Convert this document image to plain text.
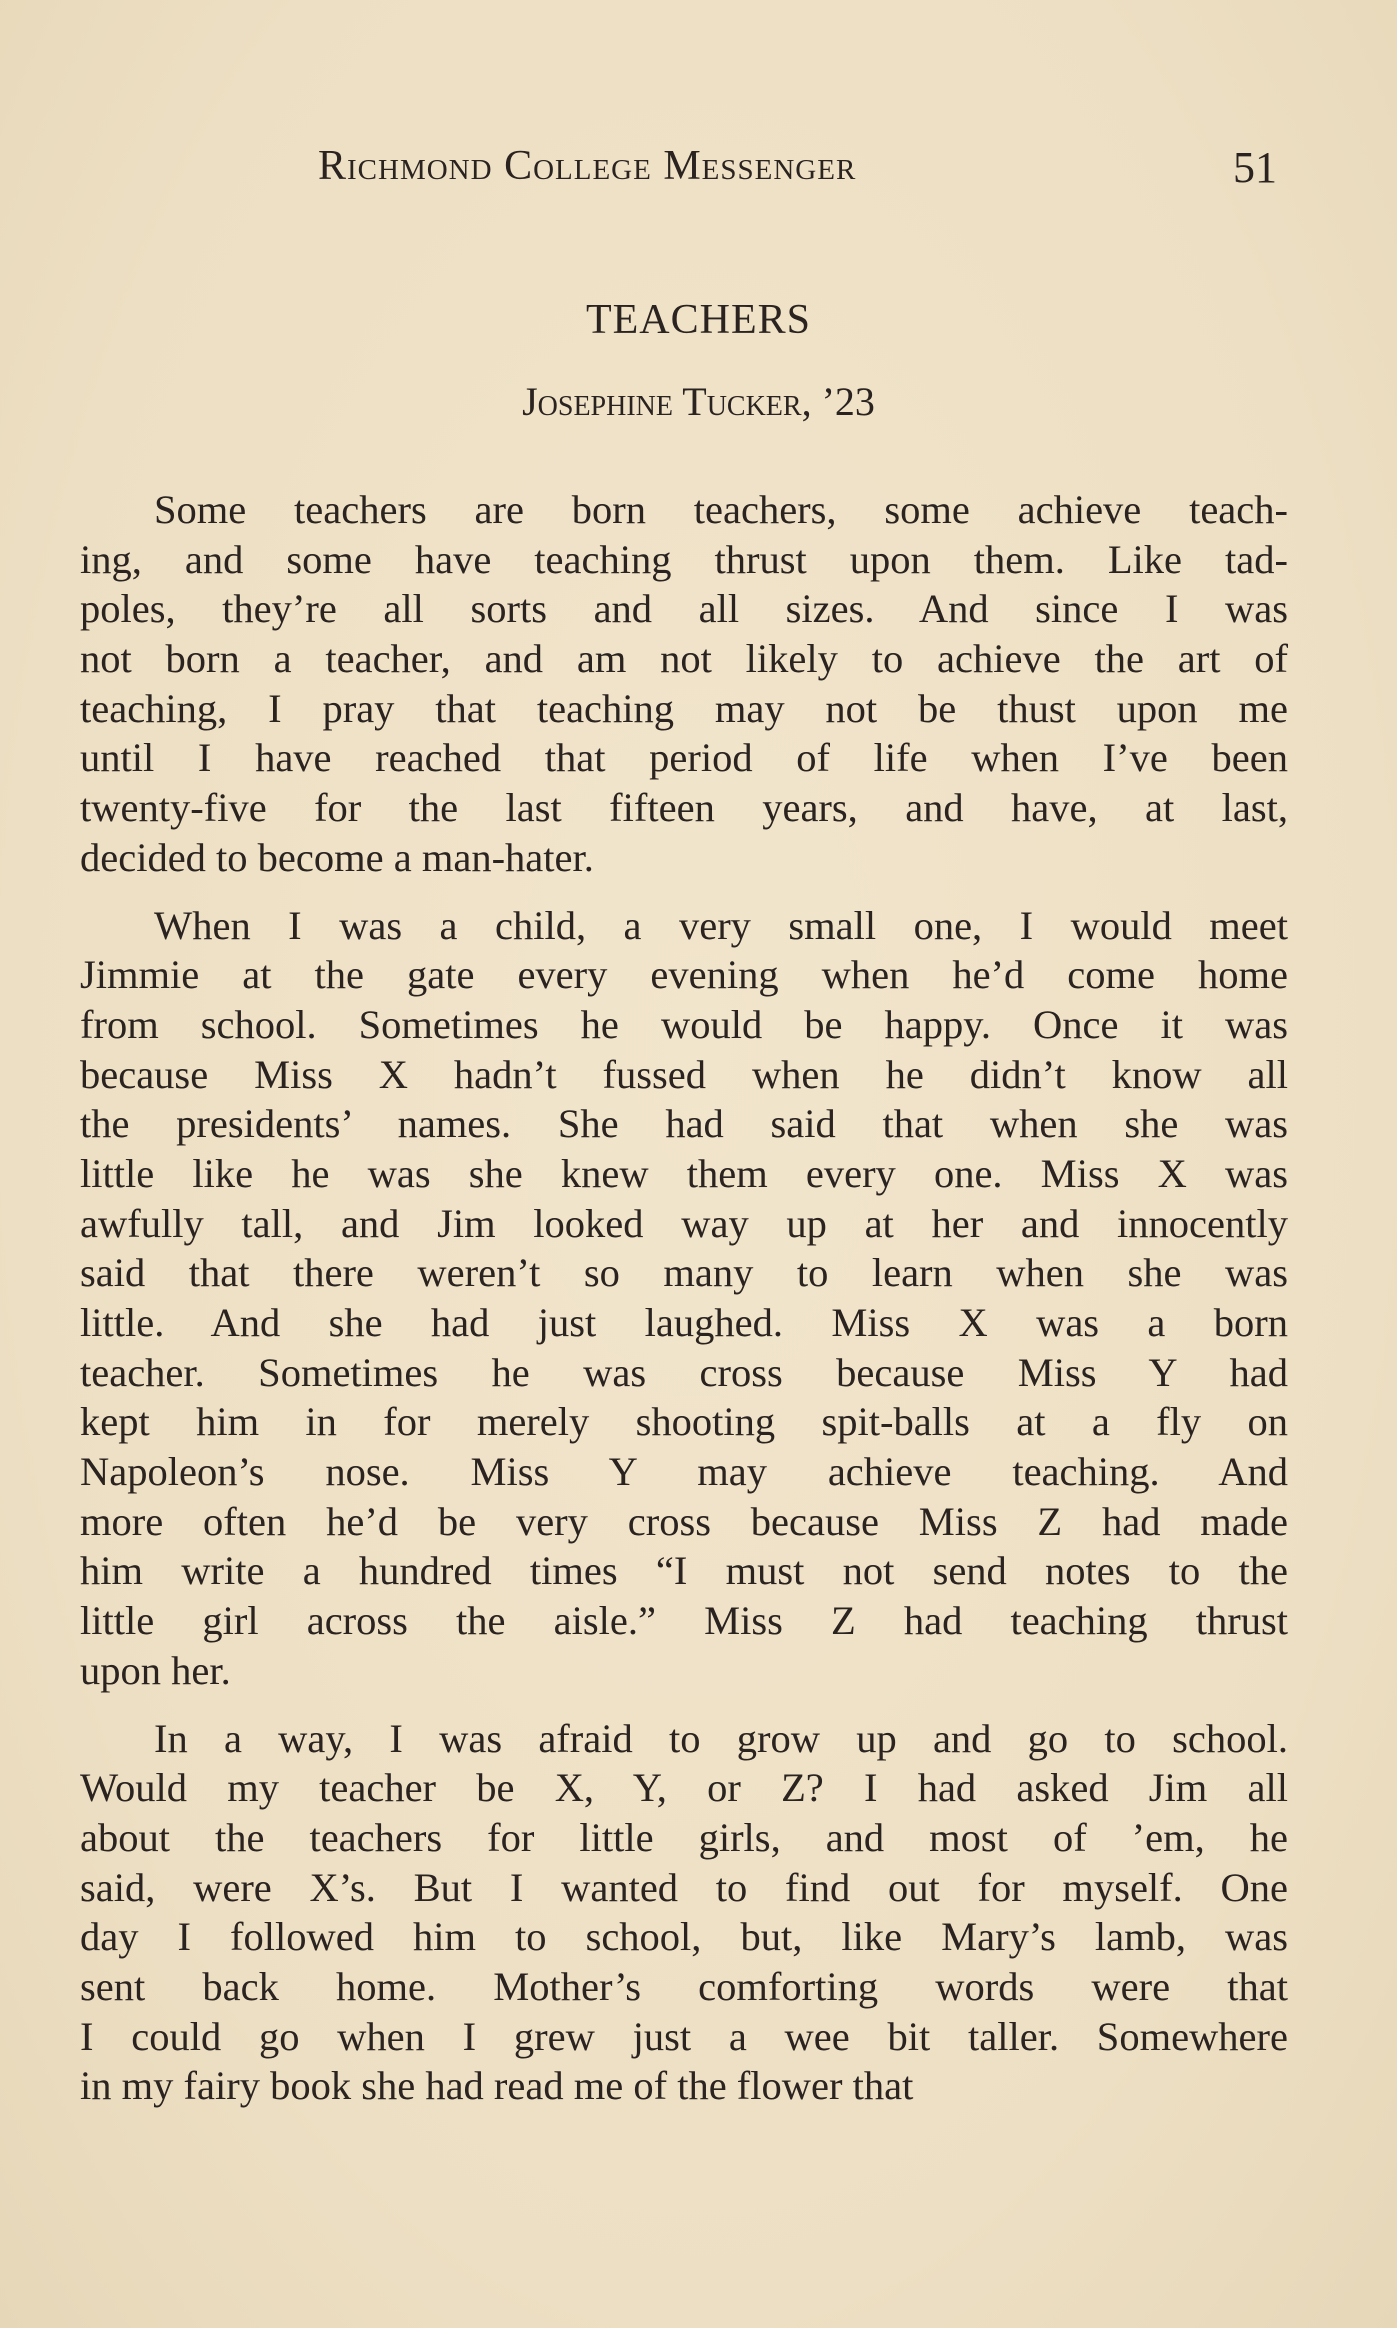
Richmond College Messenger	51
TEACHERS
Josephine Tucker, ’23
Some teachers are born teachers, some achieve teach-
ing, and some have teaching thrust upon them. Like tad-
poles, they’re all sorts and all sizes. And since I was
not born a teacher, and am not likely to achieve the art of
teaching, I pray that teaching may not be thust upon me
until I have reached that period of life when I’ve been
twenty-five for the last fifteen years, and have, at last,
decided to become a man-hater.
When I was a child, a very small one, I would meet
Jimmie at the gate every evening when he’d come home
from school. Sometimes he would be happy. Once it was
because Miss X hadn’t fussed when he didn’t know all
the presidents’ names. She had said that when she was
little like he was she knew them every one. Miss X was
awfully tall, and Jim looked way up at her and innocently
said that there weren’t so many to learn when she was
little. And she had just laughed. Miss X was a born
teacher. Sometimes he was cross because Miss Y had
kept him in for merely shooting spit-balls at a fly on
Napoleon’s nose. Miss Y may achieve teaching. And
more often he’d be very cross because Miss Z had made
him write a hundred times “I must not send notes to the
little girl across the aisle.” Miss Z had teaching thrust
upon her.
In a way, I was afraid to grow up and go to school.
Would my teacher be X, Y, or Z? I had asked Jim all
about the teachers for little girls, and most of ’em, he
said, were X’s. But I wanted to find out for myself. One
day I followed him to school, but, like Mary’s lamb, was
sent back home. Mother’s comforting words were that
I could go when I grew just a wee bit taller. Somewhere
in my fairy book she had read me of the flower that
